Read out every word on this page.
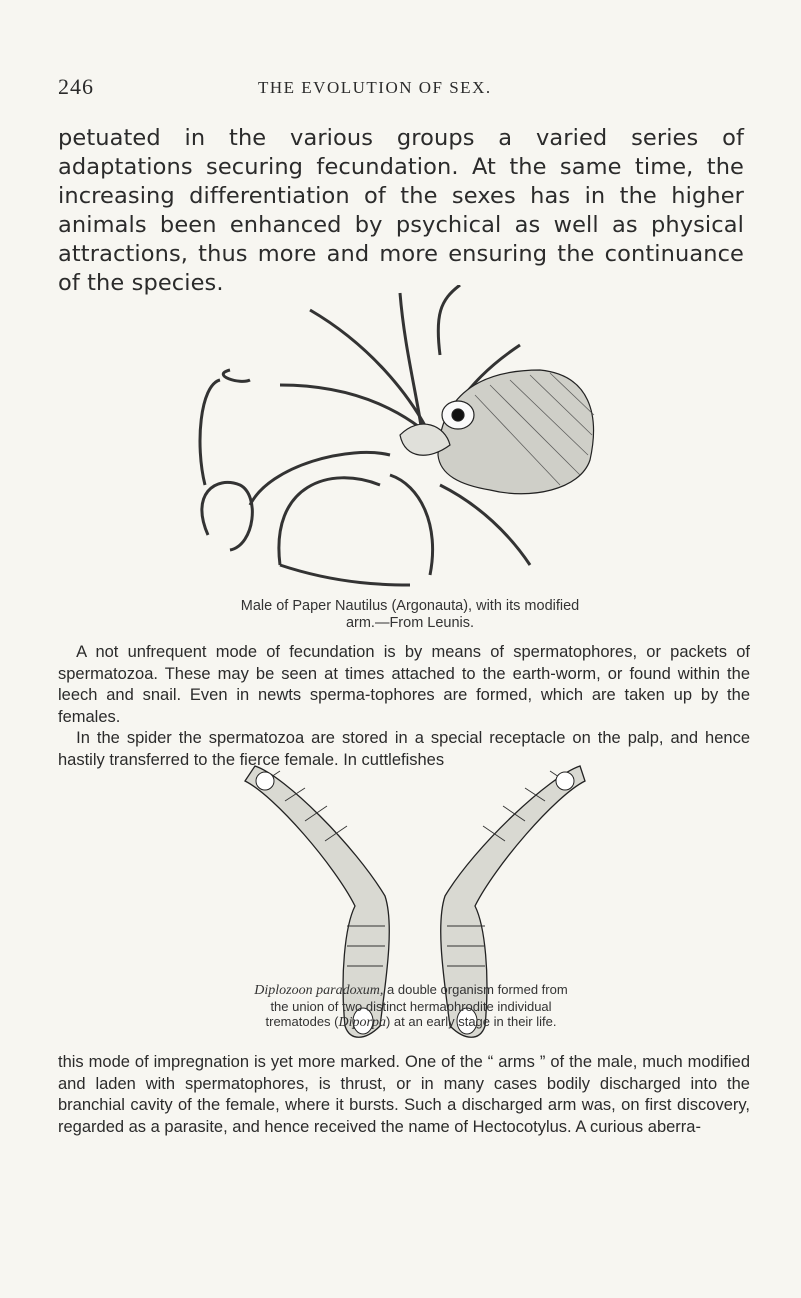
246	THE EVOLUTION OF SEX.

petuated in the various groups a varied series of adaptations securing fecundation. At the same time, the increasing differentiation of the sexes has in the higher animals been enhanced by psychical as well as physical attractions, thus more and more ensuring the continuance of the species.

Male of Paper Nautilus (Argonauta), with its modified arm.—From Leunis.

A not unfrequent mode of fecundation is by means of spermatophores, or packets of spermatozoa. These may be seen at times attached to the earth-worm, or found within the leech and snail. Even in newts sperma-tophores are formed, which are taken up by the females.

In the spider the spermatozoa are stored in a special receptacle on the palp, and hence hastily transferred to the fierce female. In cuttlefishes

Diplozoon paradoxum, a double organism formed from the union of two distinct hermaphrodite individual trematodes (Diporpa) at an early stage in their life.

this mode of impregnation is yet more marked. One of the “ arms ” of the male, much modified and laden with spermatophores, is thrust, or in many cases bodily discharged into the branchial cavity of the female, where it bursts. Such a discharged arm was, on first discovery, regarded as a parasite, and hence received the name of Hectocotylus. A curious aberra-
